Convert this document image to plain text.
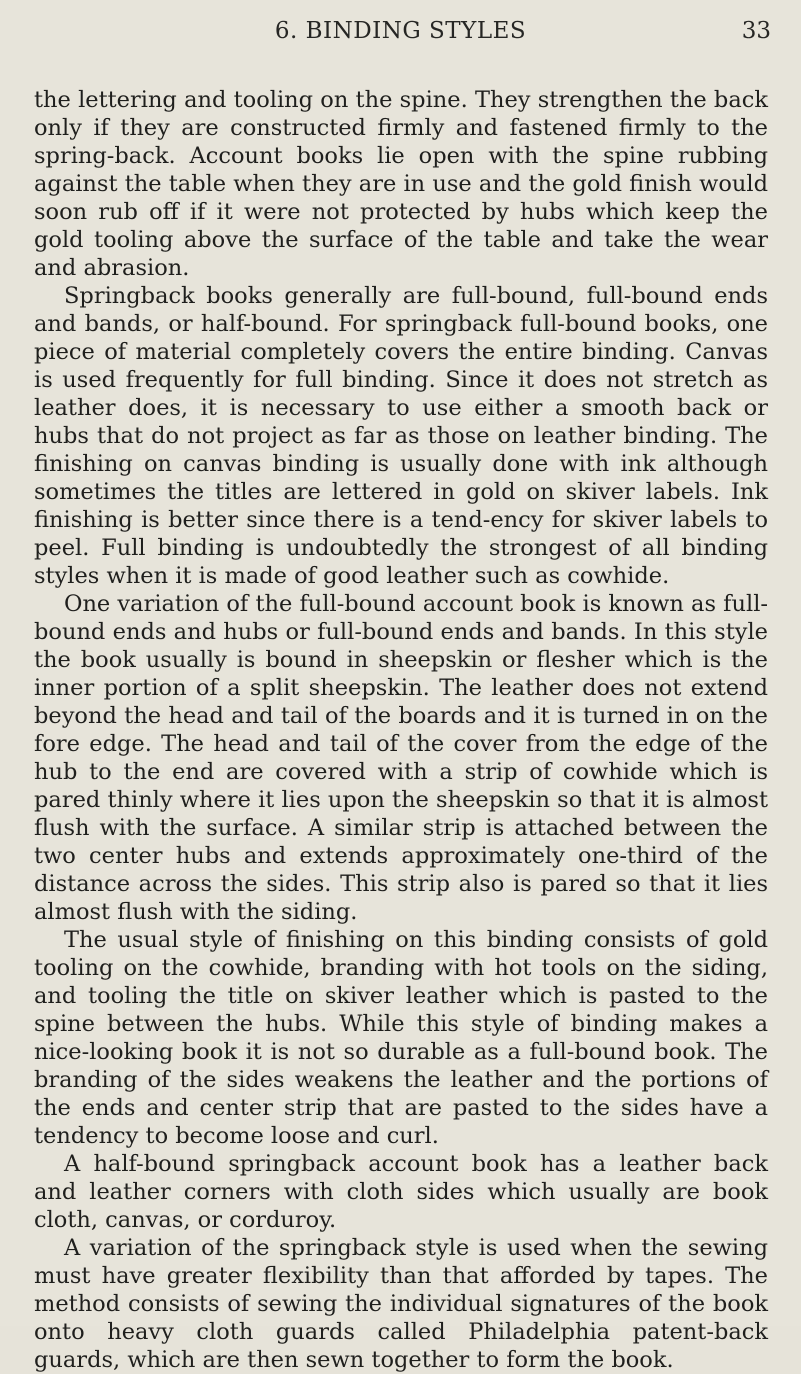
6. BINDING STYLES	33

the lettering and tooling on the spine. They strengthen the back only if they are constructed firmly and fastened firmly to the spring-back. Account books lie open with the spine rubbing against the table when they are in use and the gold finish would soon rub off if it were not protected by hubs which keep the gold tooling above the surface of the table and take the wear and abrasion.

Springback books generally are full-bound, full-bound ends and bands, or half-bound. For springback full-bound books, one piece of material completely covers the entire binding. Canvas is used frequently for full binding. Since it does not stretch as leather does, it is necessary to use either a smooth back or hubs that do not project as far as those on leather binding. The finishing on canvas binding is usually done with ink although sometimes the titles are lettered in gold on skiver labels. Ink finishing is better since there is a tend-ency for skiver labels to peel. Full binding is undoubtedly the strongest of all binding styles when it is made of good leather such as cowhide.

One variation of the full-bound account book is known as full-bound ends and hubs or full-bound ends and bands. In this style the book usually is bound in sheepskin or flesher which is the inner portion of a split sheepskin. The leather does not extend beyond the head and tail of the boards and it is turned in on the fore edge. The head and tail of the cover from the edge of the hub to the end are covered with a strip of cowhide which is pared thinly where it lies upon the sheepskin so that it is almost flush with the surface. A similar strip is attached between the two center hubs and extends approximately one-third of the distance across the sides. This strip also is pared so that it lies almost flush with the siding.

The usual style of finishing on this binding consists of gold tooling on the cowhide, branding with hot tools on the siding, and tooling the title on skiver leather which is pasted to the spine between the hubs. While this style of binding makes a nice-looking book it is not so durable as a full-bound book. The branding of the sides weakens the leather and the portions of the ends and center strip that are pasted to the sides have a tendency to become loose and curl.

A half-bound springback account book has a leather back and leather corners with cloth sides which usually are book cloth, canvas, or corduroy.

A variation of the springback style is used when the sewing must have greater flexibility than that afforded by tapes. The method consists of sewing the individual signatures of the book onto heavy cloth guards called Philadelphia patent-back guards, which are then sewn together to form the book.
